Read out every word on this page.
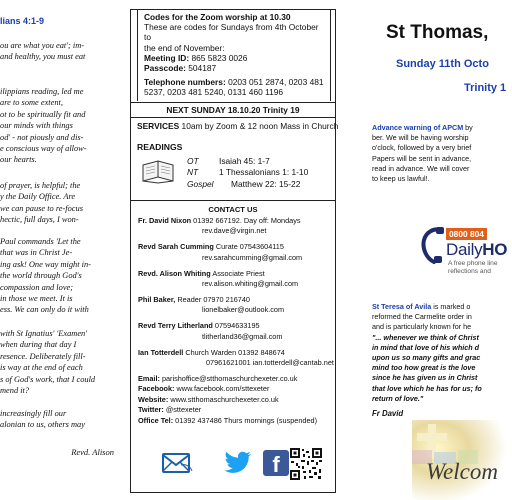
lians 4:1-9
ou are what you eat'; im-
and healthy, you must eat
ilippians reading, led me
are to some extent,
ot to be spiritually fit and
our minds with things
od' - not piously and dis-
e conscious way of allow-
our hearts.
of prayer, is helpful; the
y the Daily Office. Are
we can pause to re-focus
hectic, full days, I won-
Paul commands 'Let the
that was in Christ Je-
ing ask! One way might in-
the world through God's
compassion and love;
in those we meet. It is
ess. We can only do it with
with St Ignatius' 'Examen'
when during that day I
resence. Deliberately fill-
is way at the end of each
s of God's work, that I could
mend it?
increasingly fill our
alonian to us, others may
Revd. Alison
Codes for the Zoom worship at 10.30
These are codes for Sundays from 4th October to
the end of November:
Meeting ID: 865 5823 0026
Passcode: 504187
Telephone numbers: 0203 051 2874, 0203 481
5237, 0203 481 5240, 0131 460 1196
NEXT SUNDAY 18.10.20 Trinity 19
SERVICES 10am by Zoom & 12 noon Mass in Church
READINGS
OT	Isaiah 45: 1-7
NT	1 Thessalonians 1: 1-10
Gospel	Matthew 22: 15-22
CONTACT US
Fr. David Nixon 01392 667192. Day off: Mondays
rev.dave@virgin.net
Revd Sarah Cumming Curate 07543604115
rev.sarahcumming@gmail.com
Revd. Alison Whiting Associate Priest
rev.alison.whiting@gmail.com
Phil Baker, Reader 07970 216740
lionelbaker@outlook.com
Revd Terry Litherland 07594633195
tlitherland36@gmail.com
Ian Totterdell Church Warden 01392 848674
07961621001 ian.totterdell@cantab.net
Email: parishoffice@stthomaschurchexeter.co.uk
Facebook: www.facebook.com/sttexeter
Website: www.stthomaschurchexeter.co.uk
Twitter: @sttexeter
Office Tel: 01392 437486 Thurs mornings (suspended)
f
St Thomas,
Sunday 11th Octo
Trinity 1
Advance warning of APCM by
ber. We will be having worship
o'clock, followed by a very brief
Papers will be sent in advance,
read in advance. We will cover
to keep us lawful!.
0800 804
DailyHO
A free phone line
reflections and
St Teresa of Avila is marked o
reformed the Carmelite order in
and is particularly known for he
"... whenever we think of Christ
in mind that love of his which d
upon us so many gifts and grac
mind too how great is the love
since he has given us in Christ
that love which he has for us; fo
return of love."
Fr David
Welcom
